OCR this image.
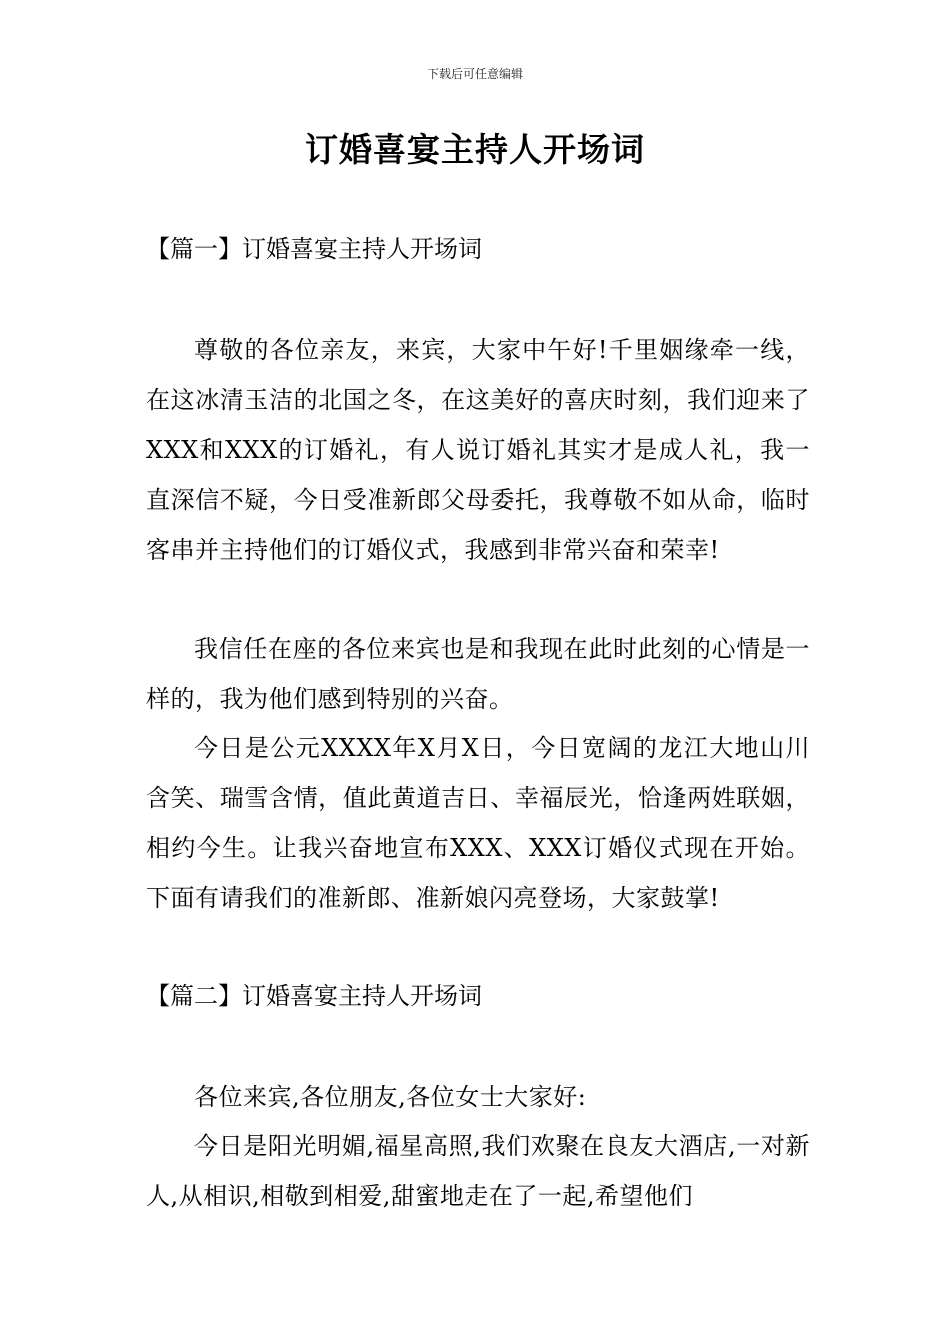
下载后可任意编辑
订婚喜宴主持人开场词
【篇一】订婚喜宴主持人开场词
尊敬的各位亲友，来宾，大家中午好!千里姻缘牵一线，在这冰清玉洁的北国之冬，在这美好的喜庆时刻，我们迎来了XXX和XXX的订婚礼，有人说订婚礼其实才是成人礼，我一直深信不疑，今日受准新郎父母委托，我尊敬不如从命，临时客串并主持他们的订婚仪式，我感到非常兴奋和荣幸!
我信任在座的各位来宾也是和我现在此时此刻的心情是一样的，我为他们感到特别的兴奋。
今日是公元XXXX年X月X日，今日宽阔的龙江大地山川含笑、瑞雪含情，值此黄道吉日、幸福辰光，恰逢两姓联姻，相约今生。让我兴奋地宣布XXX、XXX订婚仪式现在开始。下面有请我们的准新郎、准新娘闪亮登场，大家鼓掌!
【篇二】订婚喜宴主持人开场词
各位来宾,各位朋友,各位女士大家好:
今日是阳光明媚,福星高照,我们欢聚在良友大酒店,一对新人,从相识,相敬到相爱,甜蜜地走在了一起,希望他们
